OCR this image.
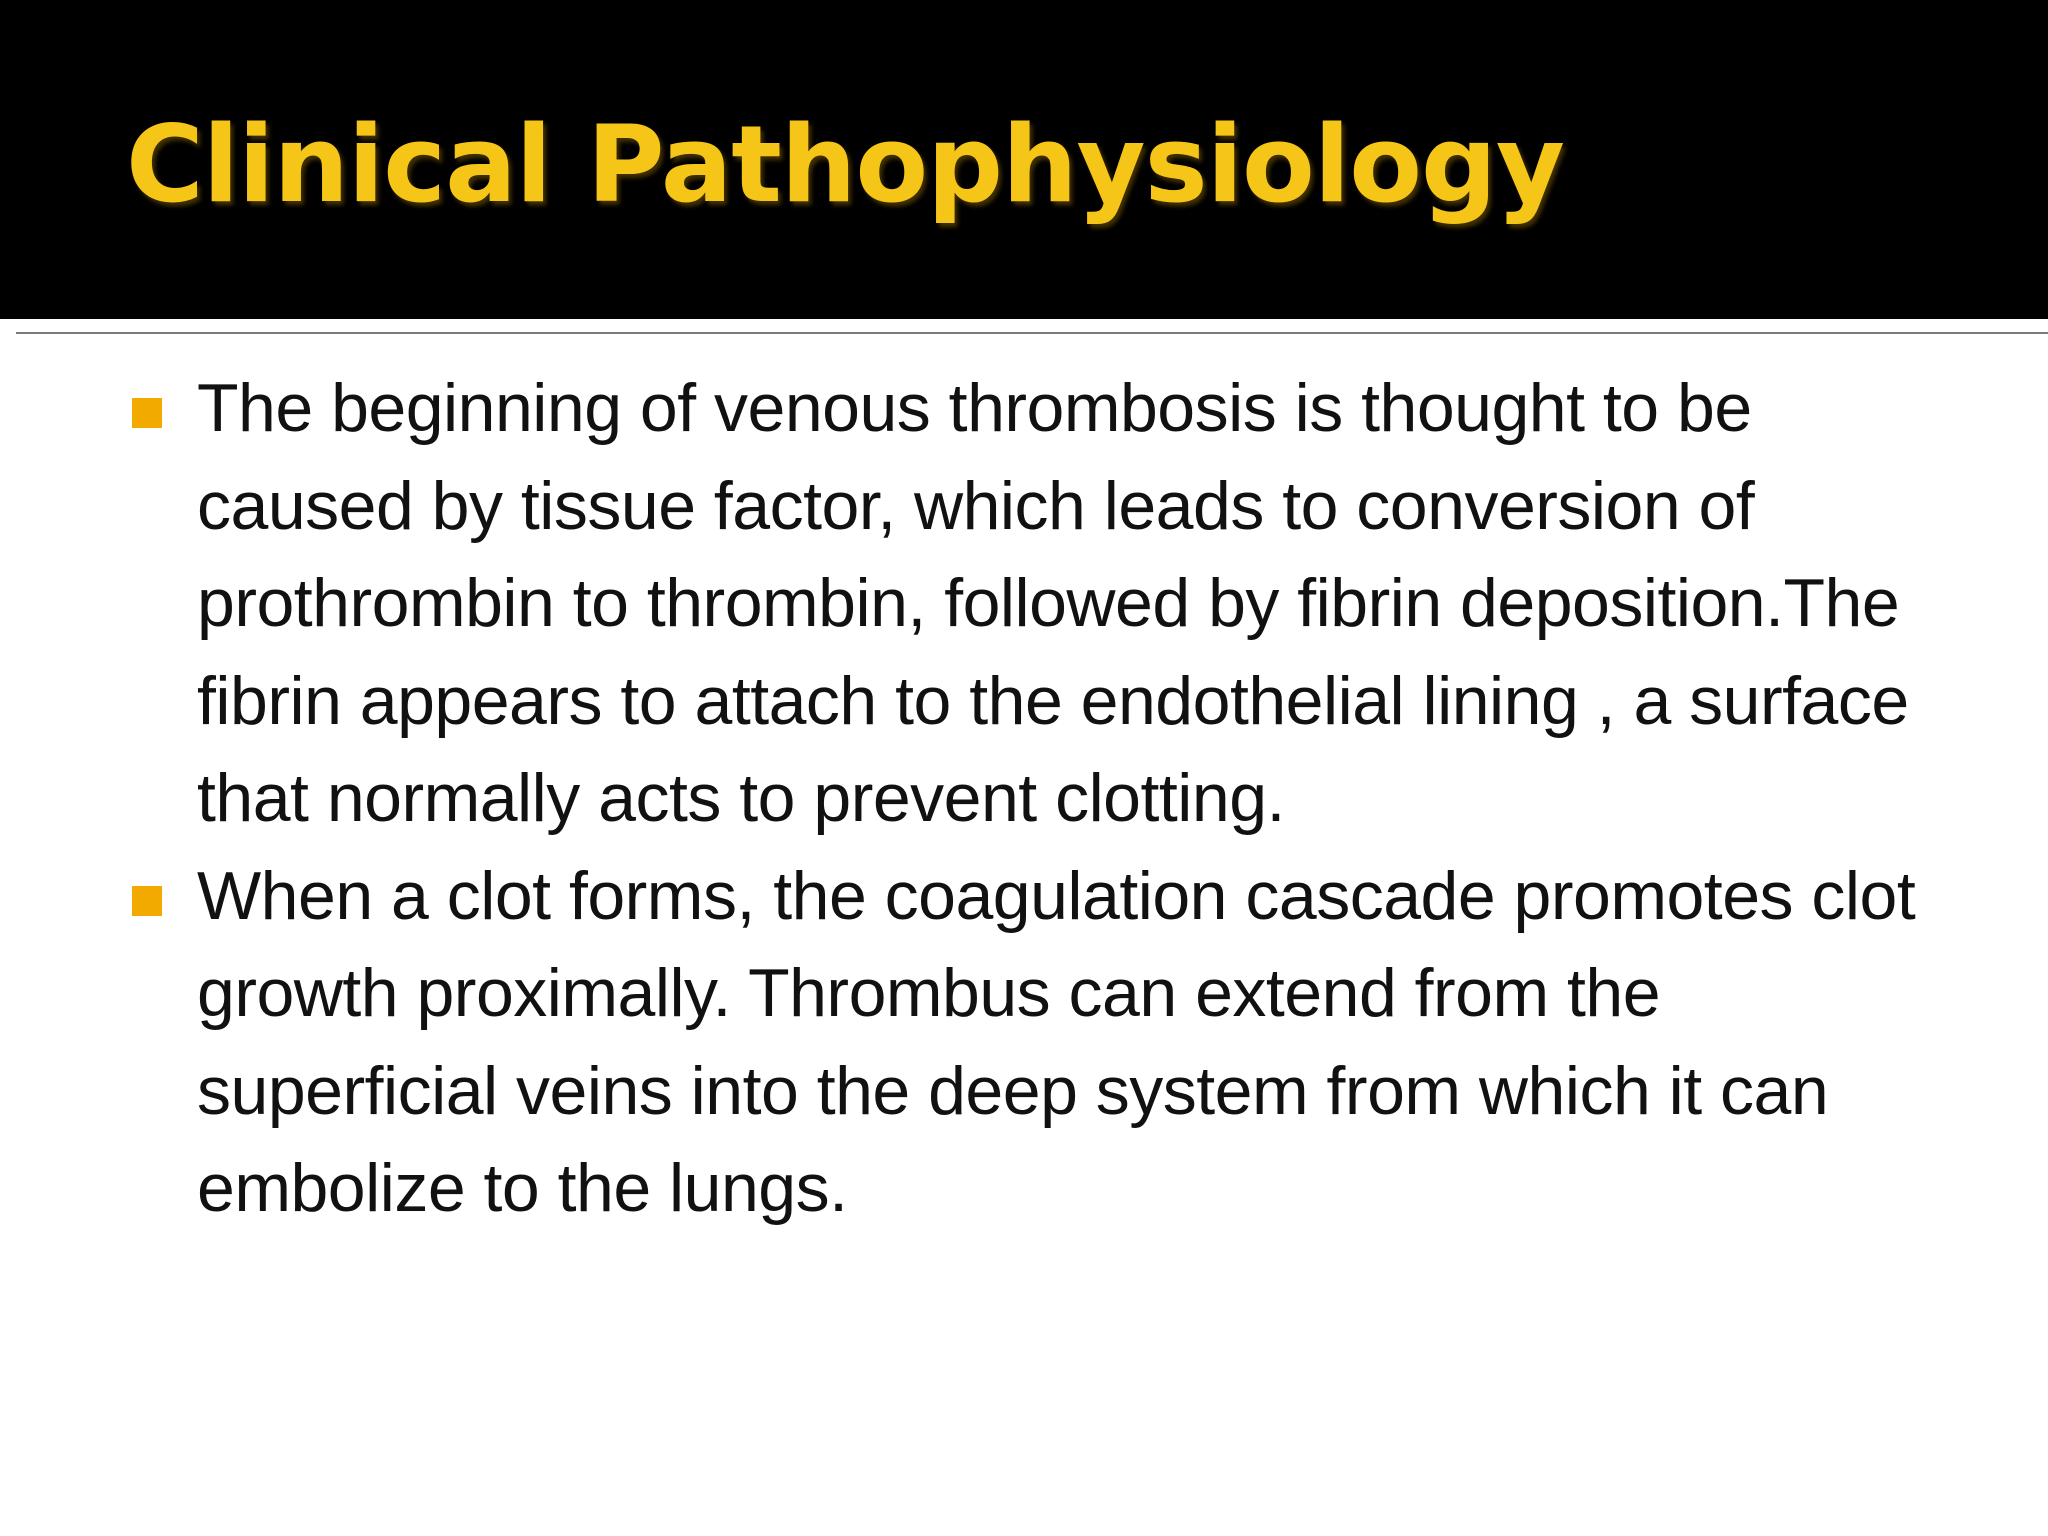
Clinical Pathophysiology
The beginning of venous thrombosis is thought to be caused by tissue factor, which leads to conversion of prothrombin to thrombin, followed by fibrin deposition.The fibrin appears to attach to the endothelial lining , a surface that normally acts to prevent clotting.
When a clot forms, the coagulation cascade promotes clot growth proximally. Thrombus can extend from the superficial veins into the deep system from which it can embolize to the lungs.
